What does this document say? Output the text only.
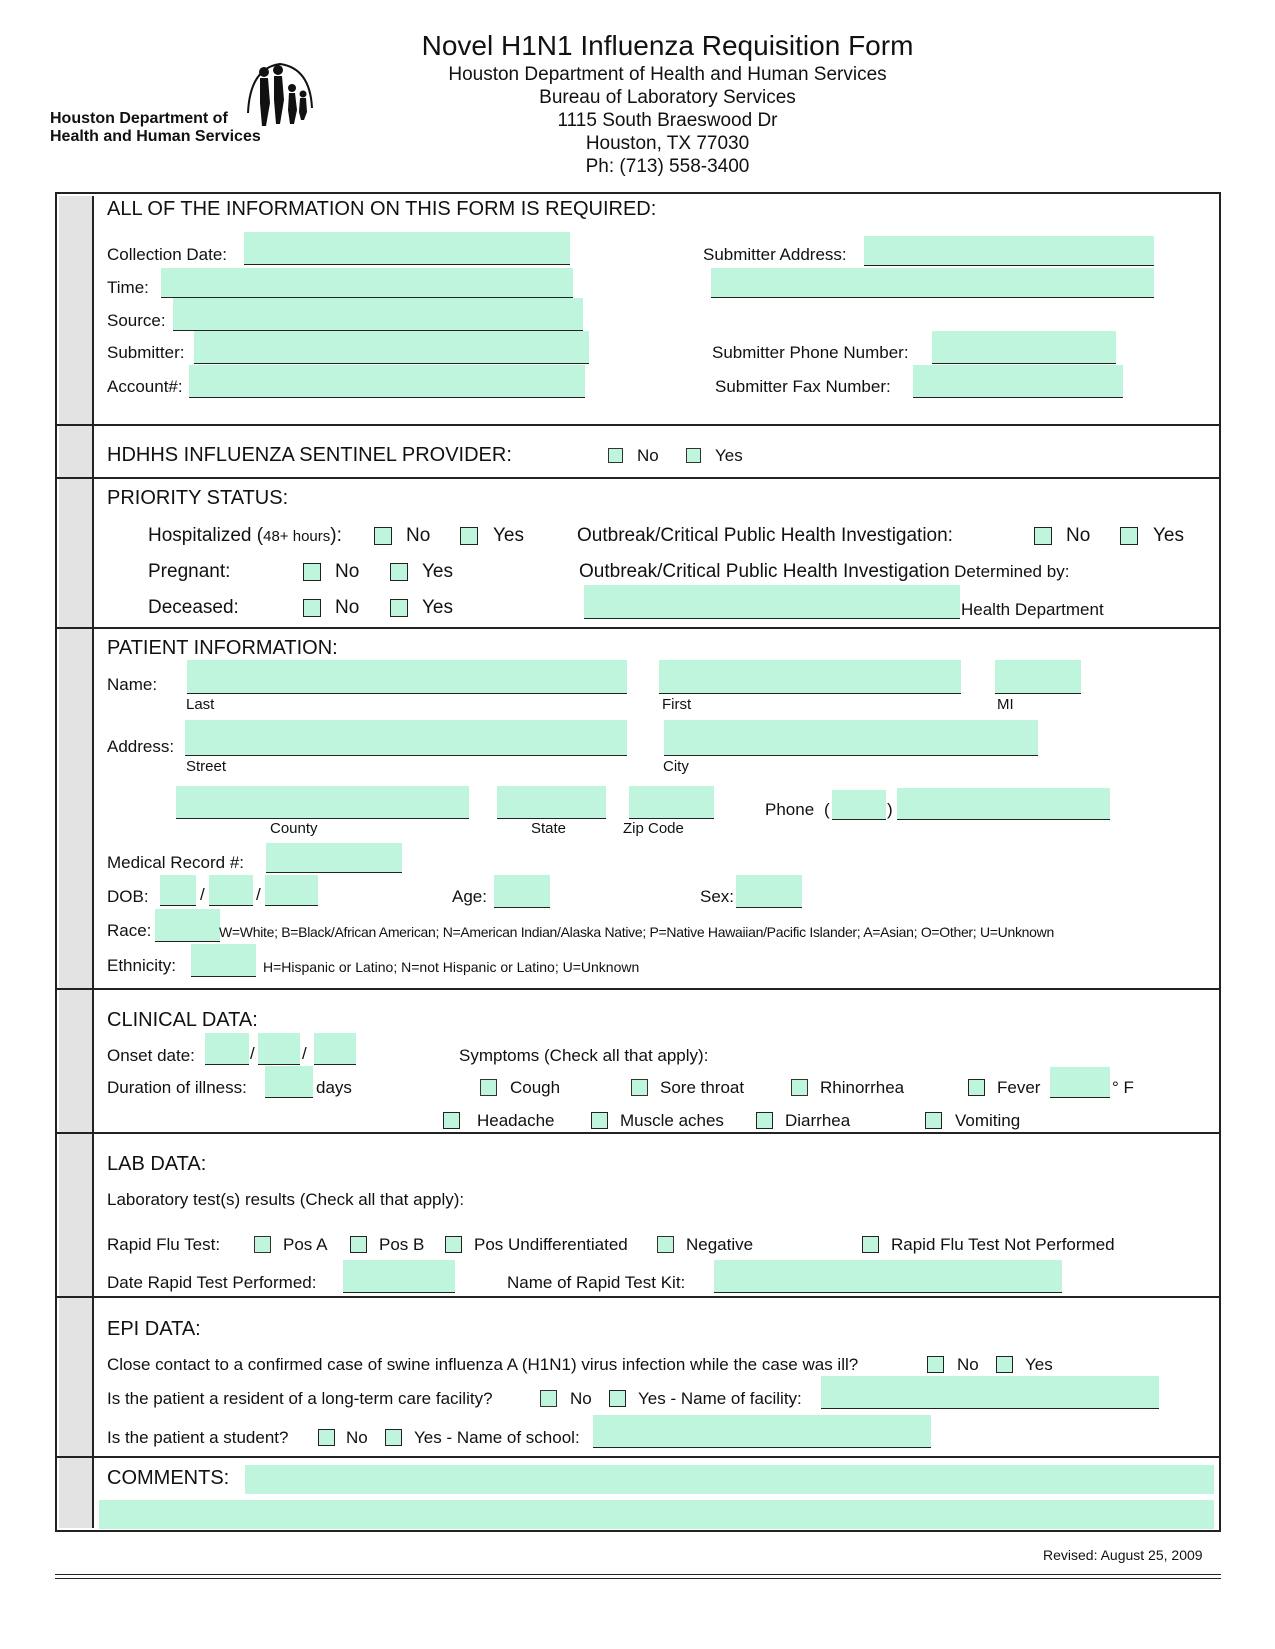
Novel H1N1 Influenza Requisition Form
Houston Department of Health and Human Services
Bureau of Laboratory Services
1115 South Braeswood Dr
Houston, TX 77030
Ph: (713) 558-3400
Houston Department of
Health and Human Services
ALL OF THE INFORMATION ON THIS FORM IS REQUIRED:
Collection Date:
Time:
Source:
Submitter:
Account#:
Submitter Address:
Submitter Phone Number:
Submitter Fax Number:
HDHHS INFLUENZA SENTINEL PROVIDER:	No	Yes
PRIORITY STATUS:
Hospitalized (48+ hours):	No	Yes
Pregnant:	No	Yes
Deceased:	No	Yes
Outbreak/Critical Public Health Investigation:	No	Yes
Outbreak/Critical Public Health Investigation Determined by:
Health Department
PATIENT INFORMATION:
Name:
Last	First	MI
Address:
Street	City
County	State	Zip Code
Phone (	)
Medical Record #:
DOB:	/	/	Age:	Sex:
Race:	W=White; B=Black/African American; N=American Indian/Alaska Native; P=Native Hawaiian/Pacific Islander; A=Asian; O=Other; U=Unknown
Ethnicity:	H=Hispanic or Latino; N=not Hispanic or Latino; U=Unknown
CLINICAL DATA:
Onset date:	/	/
Duration of illness:	days
Symptoms (Check all that apply):
Cough	Sore throat	Rhinorrhea	Fever	° F
Headache	Muscle aches	Diarrhea	Vomiting
LAB DATA:
Laboratory test(s) results (Check all that apply):
Rapid Flu Test:	Pos A	Pos B	Pos Undifferentiated	Negative	Rapid Flu Test Not Performed
Date Rapid Test Performed:	Name of Rapid Test Kit:
EPI DATA:
Close contact to a confirmed case of swine influenza A (H1N1) virus infection while the case was ill?	No	Yes
Is the patient a resident of a long-term care facility?	No	Yes - Name of facility:
Is the patient a student?	No	Yes - Name of school:
COMMENTS:
Revised: August 25, 2009
